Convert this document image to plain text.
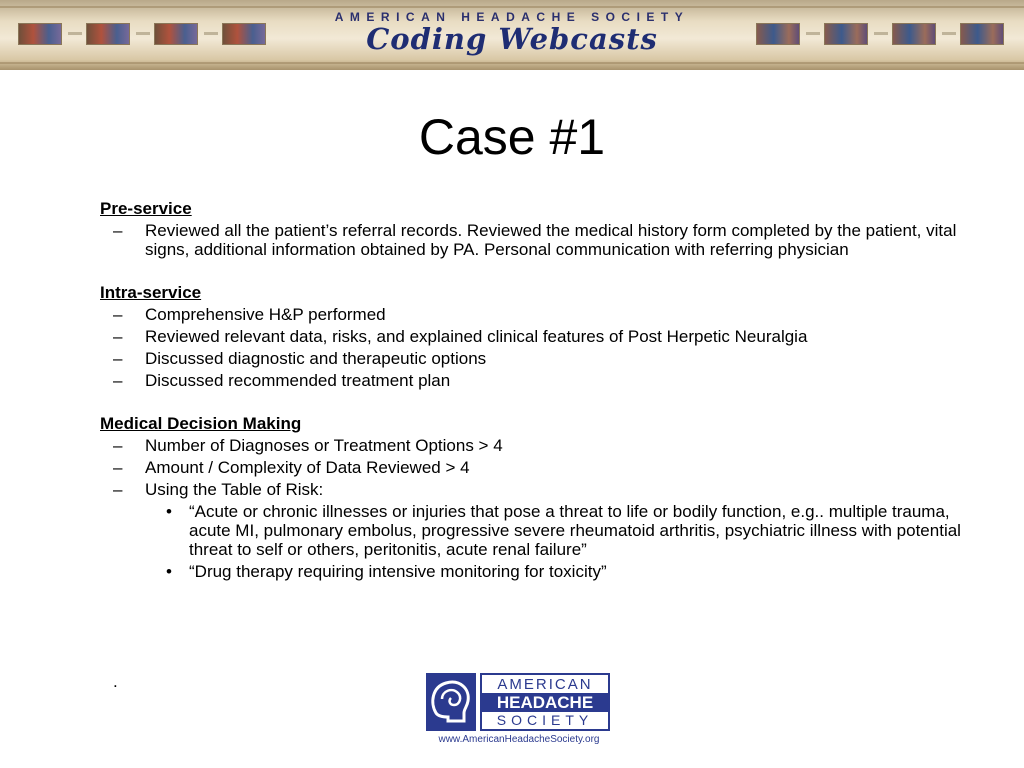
AMERICAN HEADACHE SOCIETY
Coding Webcasts
Case #1

Pre-service

– Reviewed all the patient’s referral records. Reviewed the medical history form completed by the patient, vital signs, additional information obtained by PA. Personal communication with referring physician

Intra-service

– Comprehensive H&P performed
– Reviewed relevant data, risks, and explained clinical features of Post Herpetic Neuralgia
– Discussed diagnostic and therapeutic options
– Discussed recommended treatment plan

Medical Decision Making

– Number of Diagnoses or Treatment Options > 4
– Amount / Complexity of Data Reviewed > 4
– Using the Table of Risk:
• “Acute or chronic illnesses or injuries that pose a threat to life or bodily function, e.g.. multiple trauma, acute MI, pulmonary embolus, progressive severe rheumatoid arthritis, psychiatric illness with potential threat to self or others, peritonitis, acute renal failure”
• “Drug therapy requiring intensive monitoring for toxicity”
.	AMERICAN
HEADACHE
SOCIETY
www.AmericanHeadacheSociety.org
